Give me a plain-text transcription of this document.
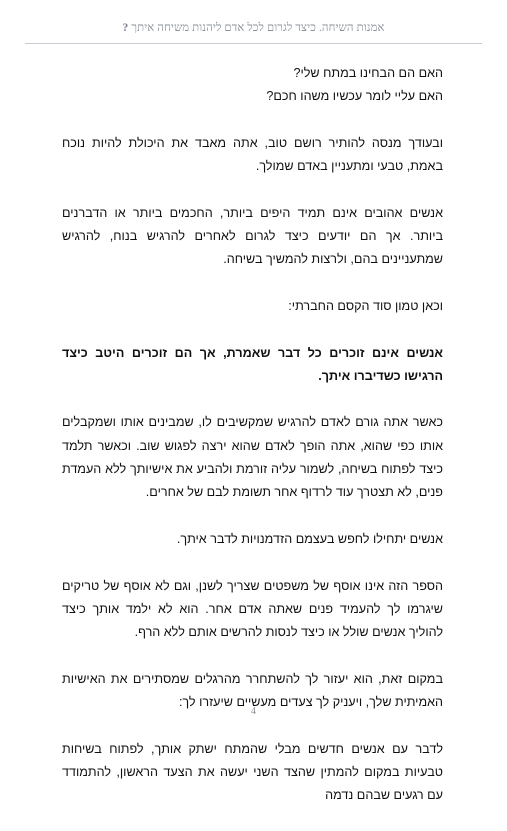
אמנות השיחה. כיצד לגרום לכל אדם ליהנות משיחה איתך ?
האם הם הבחינו במתח שלי?
האם עליי לומר עכשיו משהו חכם?

ובעודך מנסה להותיר רושם טוב, אתה מאבד את היכולת להיות נוכח באמת, טבעי ומתעניין באדם שמולך.

אנשים אהובים אינם תמיד היפים ביותר, החכמים ביותר או הדברנים ביותר. אך הם יודעים כיצד לגרום לאחרים להרגיש בנוח, להרגיש שמתעניינים בהם, ולרצות להמשיך בשיחה.

וכאן טמון סוד הקסם החברתי:

אנשים אינם זוכרים כל דבר שאמרת, אך הם זוכרים היטב כיצד הרגישו כשדיברו איתך.

כאשר אתה גורם לאדם להרגיש שמקשיבים לו, שמבינים אותו ושמקבלים אותו כפי שהוא, אתה הופך לאדם שהוא ירצה לפגוש שוב. וכאשר תלמד כיצד לפתוח בשיחה, לשמור עליה זורמת ולהביע את אישיותך ללא העמדת פנים, לא תצטרך עוד לרדוף אחר תשומת לבם של אחרים.

אנשים יתחילו לחפש בעצמם הזדמנויות לדבר איתך.

הספר הזה אינו אוסף של משפטים שצריך לשנן, וגם לא אוסף של טריקים שיגרמו לך להעמיד פנים שאתה אדם אחר. הוא לא ילמד אותך כיצד להוליך אנשים שולל או כיצד לנסות להרשים אותם ללא הרף.

במקום זאת, הוא יעזור לך להשתחרר מהרגלים שמסתירים את האישיות האמיתית שלך, ויעניק לך צעדים מעשיים שיעזרו לך:

לדבר עם אנשים חדשים מבלי שהמתח ישתק אותך, לפתוח בשיחות טבעיות במקום להמתין שהצד השני יעשה את הצעד הראשון, להתמודד עם רגעים שבהם נדמה

4
